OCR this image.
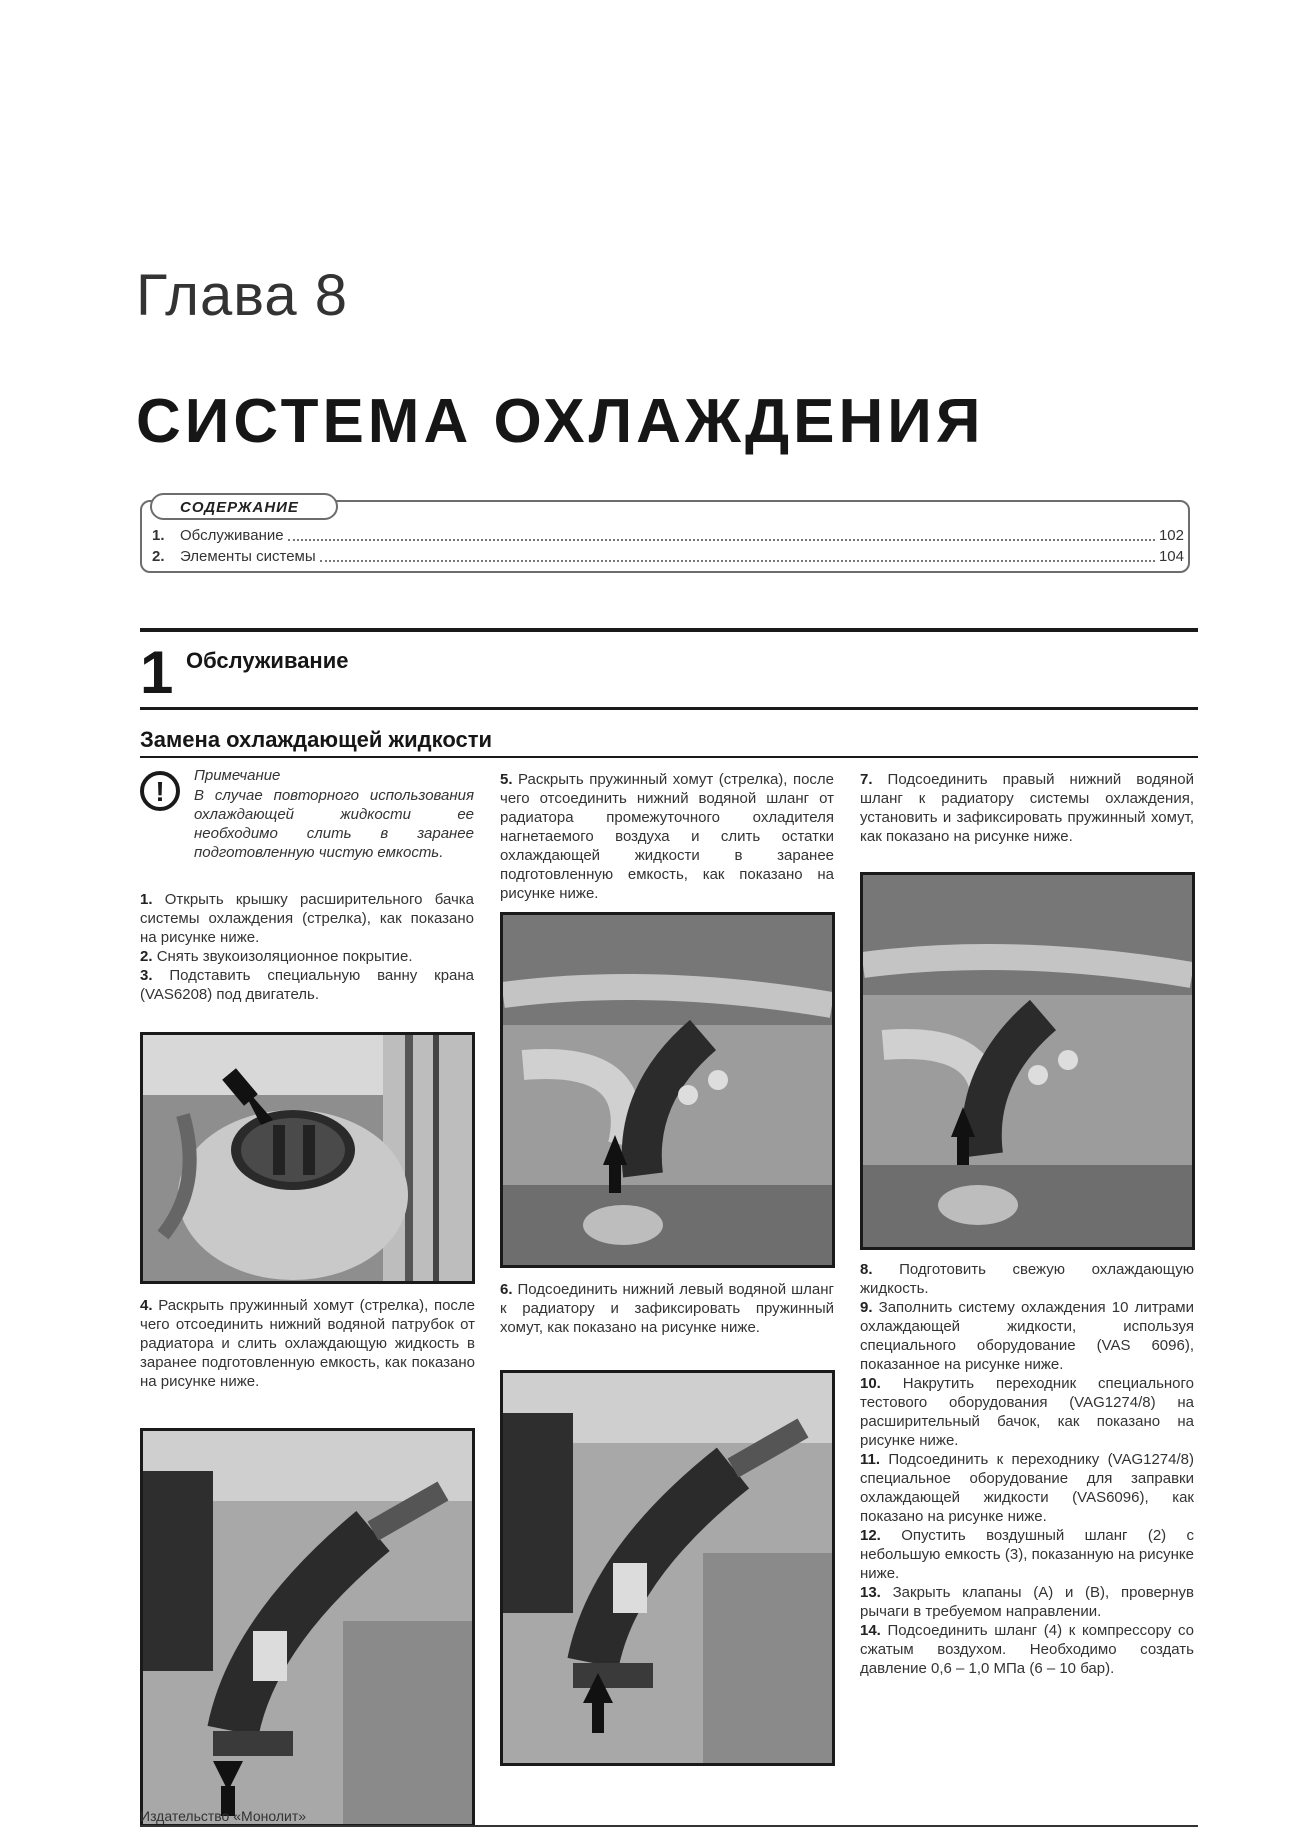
Глава 8
СИСТЕМА ОХЛАЖДЕНИЯ
СОДЕРЖАНИЕ
1.	Обслуживание	102
2.	Элементы системы	104
1 Обслуживание
Замена охлаждающей жидкости
!
Примечание
В случае повторного использования охлаждающей жидкости ее необходимо слить в заранее подготовленную чистую емкость.
1. Открыть крышку расширительного бачка системы охлаждения (стрелка), как показано на рисунке ниже.
2. Снять звукоизоляционное покрытие.
3. Подставить специальную ванну крана (VAS6208) под двигатель.
4. Раскрыть пружинный хомут (стрелка), после чего отсоединить нижний водяной патрубок от радиатора и слить охлаждающую жидкость в заранее подготовленную емкость, как показано на рисунке ниже.
5. Раскрыть пружинный хомут (стрелка), после чего отсоединить нижний водяной шланг от радиатора промежуточного охладителя нагнетаемого воздуха и слить остатки охлаждающей жидкости в заранее подготовленную емкость, как показано на рисунке ниже.
6. Подсоединить нижний левый водяной шланг к радиатору и зафиксировать пружинный хомут, как показано на рисунке ниже.
7. Подсоединить правый нижний водяной шланг к радиатору системы охлаждения, установить и зафиксировать пружинный хомут, как показано на рисунке ниже.
8. Подготовить свежую охлаждающую жидкость.
9. Заполнить систему охлаждения 10 литрами охлаждающей жидкости, используя специального оборудование (VAS 6096), показанное на рисунке ниже.
10. Накрутить переходник специального тестового оборудования (VAG1274/8) на расширительный бачок, как показано на рисунке ниже.
11. Подсоединить к переходнику (VAG1274/8) специальное оборудование для заправки охлаждающей жидкости (VAS6096), как показано на рисунке ниже.
12. Опустить воздушный шланг (2) с небольшую емкость (3), показанную на рисунке ниже.
13. Закрыть клапаны (A) и (B), провернув рычаги в требуемом направлении.
14. Подсоединить шланг (4) к компрессору со сжатым воздухом. Необходимо создать давление 0,6 – 1,0 МПа (6 – 10 бар).
Издательство «Монолит»
